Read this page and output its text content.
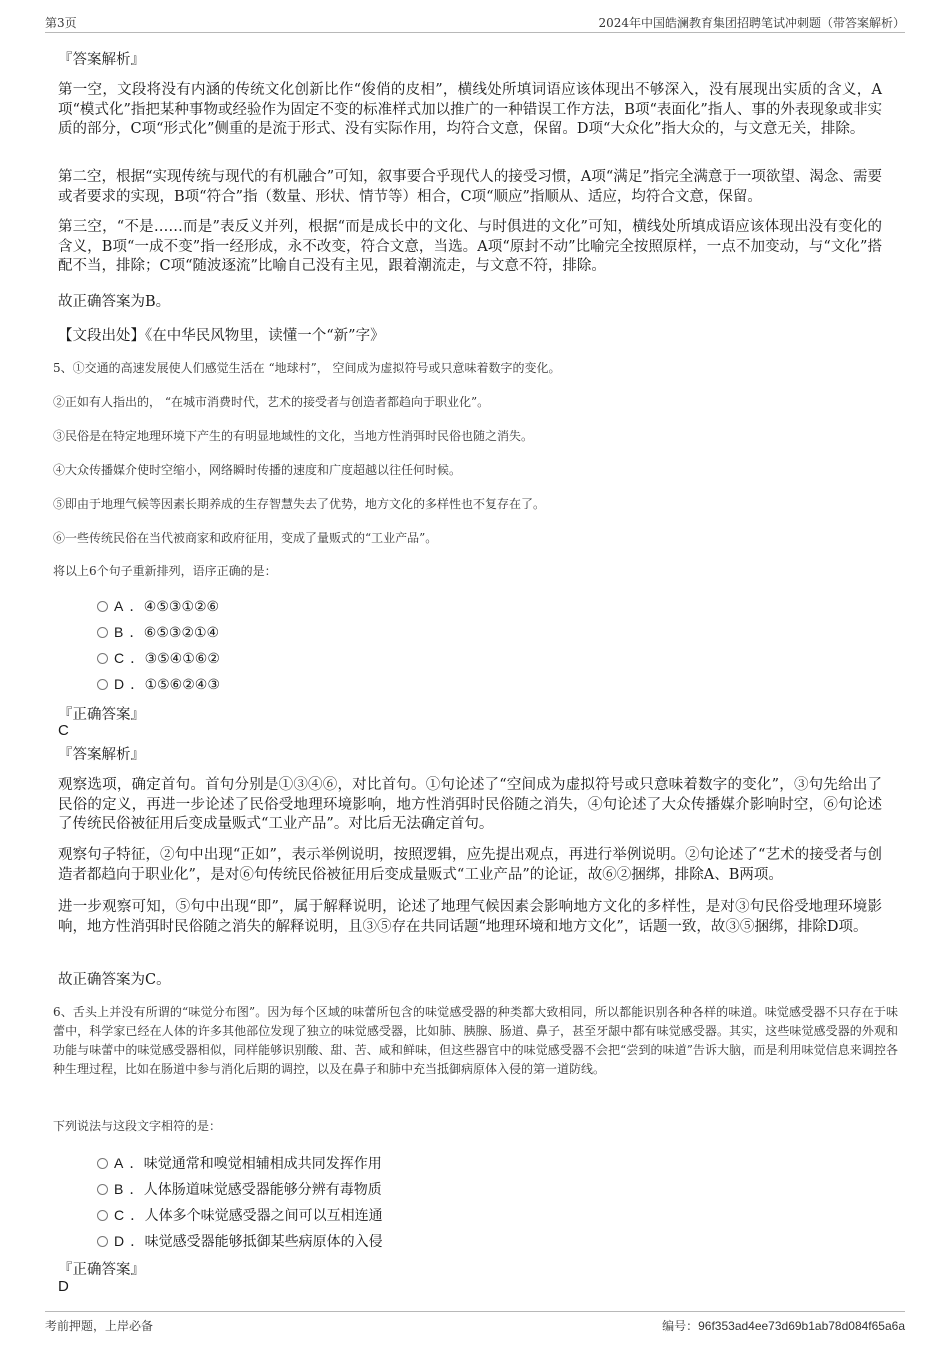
第3页	2024年中国皓澜教育集团招聘笔试冲刺题（带答案解析）
『答案解析』
第一空，文段将没有内涵的传统文化创新比作“俊俏的皮相”，横线处所填词语应该体现出不够深入，没有展现出实质的含义，A项“模式化”指把某种事物或经验作为固定不变的标准样式加以推广的一种错误工作方法，B项“表面化”指人、事的外表现象或非实质的部分，C项“形式化”侧重的是流于形式、没有实际作用，均符合文意，保留。D项“大众化”指大众的，与文意无关，排除。
第二空，根据“实现传统与现代的有机融合”可知，叙事要合乎现代人的接受习惯，A项“满足”指完全满意于一项欲望、渴念、需要或者要求的实现，B项“符合”指（数量、形状、情节等）相合，C项“顺应”指顺从、适应，均符合文意，保留。
第三空，“不是……而是”表反义并列，根据“而是成长中的文化、与时俱进的文化”可知，横线处所填成语应该体现出没有变化的含义，B项“一成不变”指一经形成，永不改变，符合文意，当选。A项“原封不动”比喻完全按照原样，一点不加变动，与“文化”搭配不当，排除；C项“随波逐流”比喻自己没有主见，跟着潮流走，与文意不符，排除。
故正确答案为B。
【文段出处】《在中华民风物里，读懂一个“新”字》
5、①交通的高速发展使人们感觉生活在 “地球村”， 空间成为虚拟符号或只意味着数字的变化。
②正如有人指出的， “在城市消费时代，艺术的接受者与创造者都趋向于职业化”。
③民俗是在特定地理环境下产生的有明显地域性的文化，当地方性消弭时民俗也随之消失。
④大众传播媒介使时空缩小，网络瞬时传播的速度和广度超越以往任何时候。
⑤即由于地理气候等因素长期养成的生存智慧失去了优势，地方文化的多样性也不复存在了。
⑥一些传统民俗在当代被商家和政府征用，变成了量贩式的“工业产品”。
将以上6个句子重新排列，语序正确的是：
A . ④⑤③①②⑥
B . ⑥⑤③②①④
C . ③⑤④①⑥②
D . ①⑤⑥②④③
『正确答案』
C
『答案解析』
观察选项，确定首句。首句分别是①③④⑥，对比首句。①句论述了“空间成为虚拟符号或只意味着数字的变化”，③句先给出了民俗的定义，再进一步论述了民俗受地理环境影响，地方性消弭时民俗随之消失，④句论述了大众传播媒介影响时空，⑥句论述了传统民俗被征用后变成量贩式“工业产品”。对比后无法确定首句。
观察句子特征，②句中出现“正如”，表示举例说明，按照逻辑，应先提出观点，再进行举例说明。②句论述了“艺术的接受者与创造者都趋向于职业化”，是对⑥句传统民俗被征用后变成量贩式“工业产品”的论证，故⑥②捆绑，排除A、B两项。
进一步观察可知，⑤句中出现“即”，属于解释说明，论述了地理气候因素会影响地方文化的多样性，是对③句民俗受地理环境影响，地方性消弭时民俗随之消失的解释说明，且③⑤存在共同话题“地理环境和地方文化”，话题一致，故③⑤捆绑，排除D项。
故正确答案为C。
6、舌头上并没有所谓的“味觉分布图”。因为每个区域的味蕾所包含的味觉感受器的种类都大致相同，所以都能识别各种各样的味道。味觉感受器不只存在于味蕾中，科学家已经在人体的许多其他部位发现了独立的味觉感受器，比如肺、胰腺、肠道、鼻子，甚至牙龈中都有味觉感受器。其实，这些味觉感受器的外观和功能与味蕾中的味觉感受器相似，同样能够识别酸、甜、苦、咸和鲜味，但这些器官中的味觉感受器不会把“尝到的味道”告诉大脑，而是利用味觉信息来调控各种生理过程，比如在肠道中参与消化后期的调控，以及在鼻子和肺中充当抵御病原体入侵的第一道防线。
下列说法与这段文字相符的是：
A . 味觉通常和嗅觉相辅相成共同发挥作用
B . 人体肠道味觉感受器能够分辨有毒物质
C . 人体多个味觉感受器之间可以互相连通
D . 味觉感受器能够抵御某些病原体的入侵
『正确答案』
D
考前押题，上岸必备	编号：96f353ad4ee73d69b1ab78d084f65a6a
